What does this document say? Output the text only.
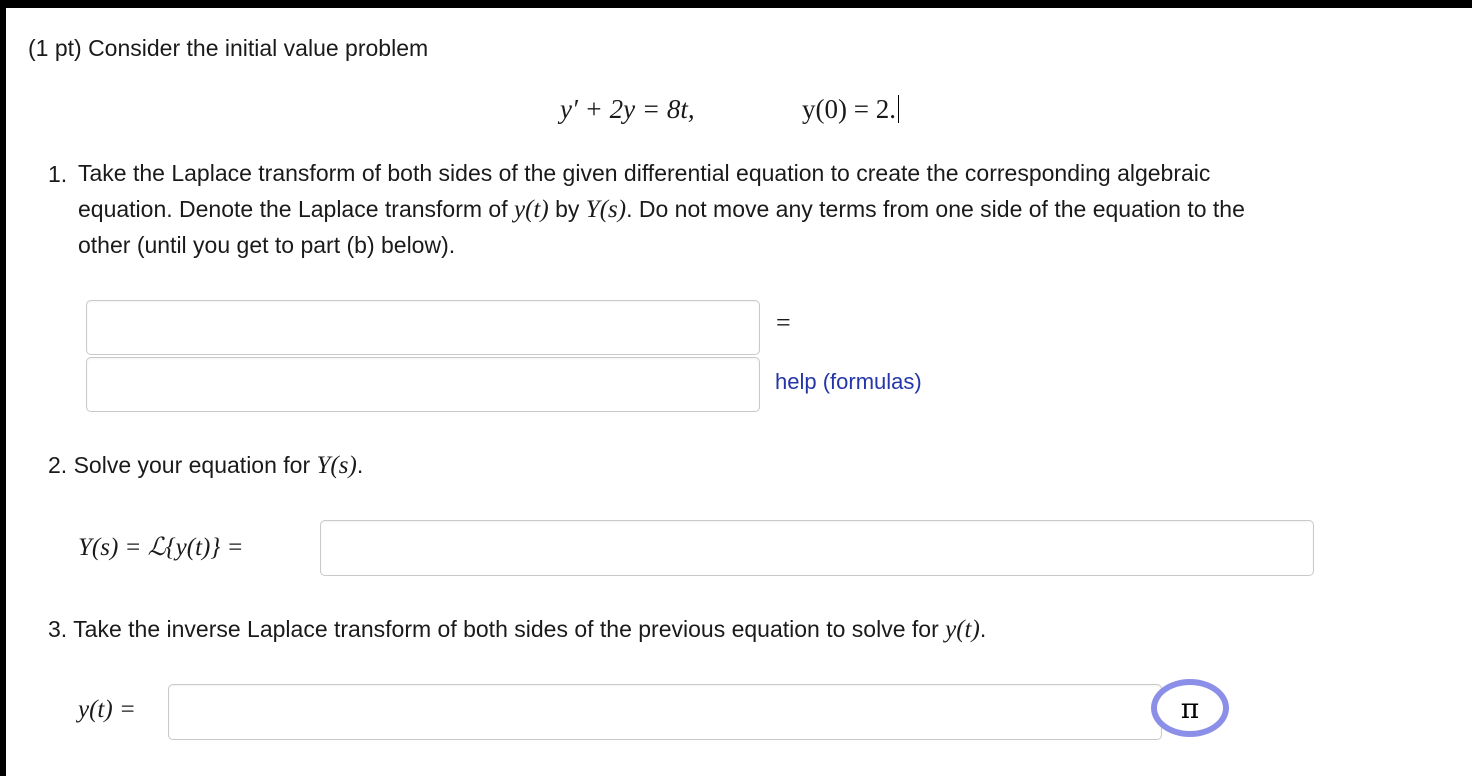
(1 pt) Consider the initial value problem
y′ + 2y = 8t,	y(0) = 2.
1. Take the Laplace transform of both sides of the given differential equation to create the corresponding algebraic
equation. Denote the Laplace transform of y(t) by Y(s). Do not move any terms from one side of the equation to the
other (until you get to part (b) below).
=
help (formulas)
2. Solve your equation for Y(s).
Y(s) = ℒ{y(t)} =
3. Take the inverse Laplace transform of both sides of the previous equation to solve for y(t).
y(t) =	π
